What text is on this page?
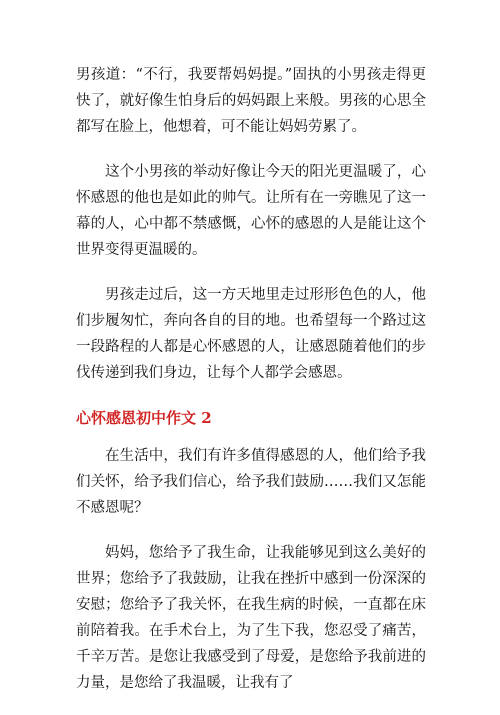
男孩道：“不行，我要帮妈妈提。”固执的小男孩走得更快了，就好像生怕身后的妈妈跟上来般。男孩的心思全都写在脸上，他想着，可不能让妈妈劳累了。

这个小男孩的举动好像让今天的阳光更温暖了，心怀感恩的他也是如此的帅气。让所有在一旁瞧见了这一幕的人，心中都不禁感慨，心怀的感恩的人是能让这个世界变得更温暖的。

男孩走过后，这一方天地里走过形形色色的人，他们步履匆忙，奔向各自的目的地。也希望每一个路过这一段路程的人都是心怀感恩的人，让感恩随着他们的步伐传递到我们身边，让每个人都学会感恩。

心怀感恩初中作文 2

在生活中，我们有许多值得感恩的人，他们给予我们关怀，给予我们信心，给予我们鼓励……我们又怎能不感恩呢？

妈妈，您给予了我生命，让我能够见到这么美好的世界；您给予了我鼓励，让我在挫折中感到一份深深的安慰；您给予了我关怀，在我生病的时候，一直都在床前陪着我。在手术台上，为了生下我，您忍受了痛苦，千辛万苦。是您让我感受到了母爱，是您给予我前进的力量，是您给了我温暖，让我有了
